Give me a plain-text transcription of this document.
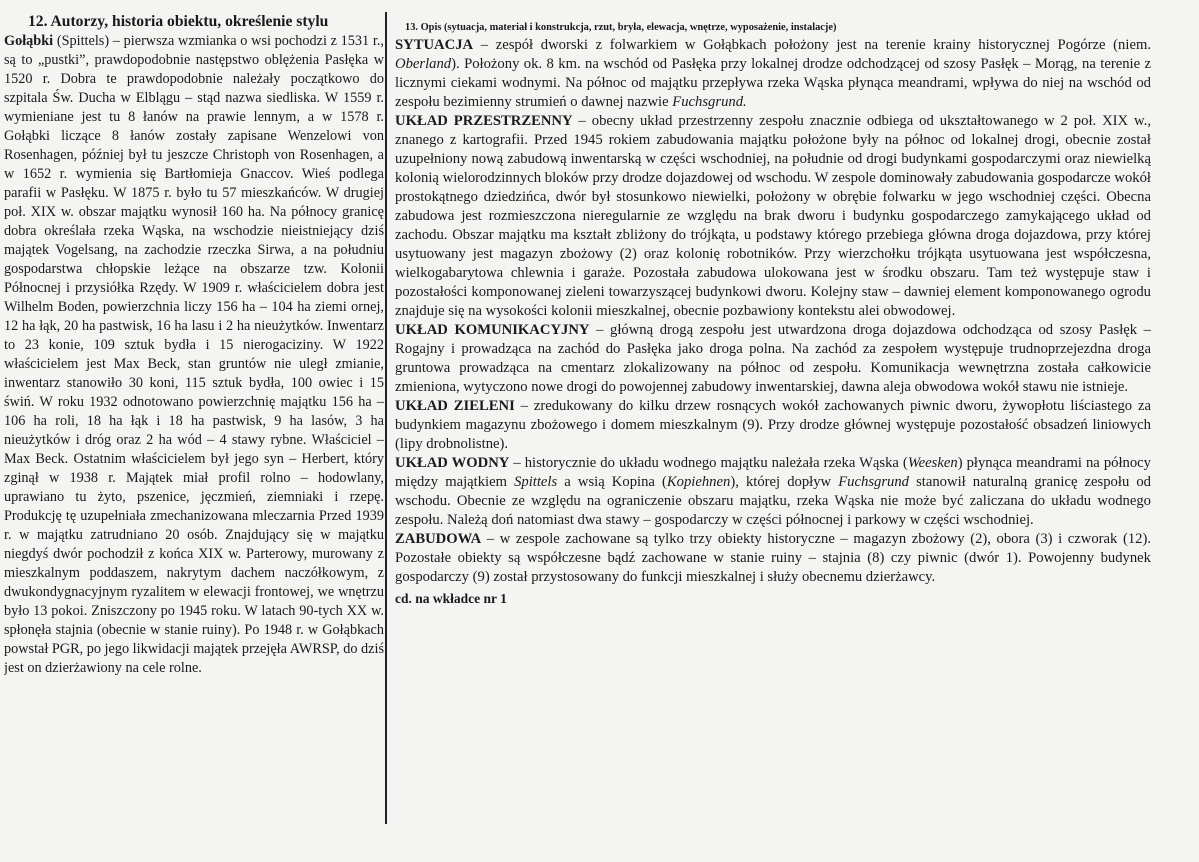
12. Autorzy, historia obiektu, określenie stylu

Gołąbki (Spittels) – pierwsza wzmianka o wsi pochodzi z 1531 r., są to „pustki”, prawdopodobnie następstwo oblężenia Pasłęka w 1520 r. Dobra te prawdopodobnie należały początkowo do szpitala Św. Ducha w Elblągu – stąd nazwa siedliska. W 1559 r. wymieniane jest tu 8 łanów na prawie lennym, a w 1578 r. Gołąbki liczące 8 łanów zostały zapisane Wenzelowi von Rosenhagen, później był tu jeszcze Christoph von Rosenhagen, a w 1652 r. wymienia się Bartłomieja Gnaccov. Wieś podlega parafii w Pasłęku. W 1875 r. było tu 57 mieszkańców. W drugiej poł. XIX w. obszar majątku wynosił 160 ha. Na północy granicę dobra określała rzeka Wąska, na wschodzie nieistniejący dziś majątek Vogelsang, na zachodzie rzeczka Sirwa, a na południu gospodarstwa chłopskie leżące na obszarze tzw. Kolonii Północnej i przysiółka Rzędy. W 1909 r. właścicielem dobra jest Wilhelm Boden, powierzchnia liczy 156 ha – 104 ha ziemi ornej, 12 ha łąk, 20 ha pastwisk, 16 ha lasu i 2 ha nieużytków. Inwentarz to 23 konie, 109 sztuk bydła i 15 nierogaciziny. W 1922 właścicielem jest Max Beck, stan gruntów nie uległ zmianie, inwentarz stanowiło 30 koni, 115 sztuk bydła, 100 owiec i 15 świń. W roku 1932 odnotowano powierzchnię majątku 156 ha – 106 ha roli, 18 ha łąk i 18 ha pastwisk, 9 ha lasów, 3 ha nieużytków i dróg oraz 2 ha wód – 4 stawy rybne. Właściciel – Max Beck. Ostatnim właścicielem był jego syn – Herbert, który zginął w 1938 r. Majątek miał profil rolno – hodowlany, uprawiano tu żyto, pszenice, jęczmień, ziemniaki i rzepę. Produkcję tę uzupełniała zmechanizowana mleczarnia Przed 1939 r. w majątku zatrudniano 20 osób. Znajdujący się w majątku niegdyś dwór pochodził z końca XIX w. Parterowy, murowany z mieszkalnym poddaszem, nakrytym dachem naczółkowym, z dwukondygnacyjnym ryzalitem w elewacji frontowej, we wnętrzu było 13 pokoi. Zniszczony po 1945 roku. W latach 90-tych XX w. spłonęła stajnia (obecnie w stanie ruiny). Po 1948 r. w Gołąbkach powstał PGR, po jego likwidacji majątek przejęła AWRSP, do dziś jest on dzierżawiony na cele rolne.

13. Opis (sytuacja, materiał i konstrukcja, rzut, bryła, elewacja, wnętrze, wyposażenie, instalacje)

SYTUACJA – zespół dworski z folwarkiem w Gołąbkach położony jest na terenie krainy historycznej Pogórze (niem. Oberland). Położony ok. 8 km. na wschód od Pasłęka przy lokalnej drodze odchodzącej od szosy Pasłęk – Morąg, na terenie z licznymi ciekami wodnymi. Na północ od majątku przepływa rzeka Wąska płynąca meandrami, wpływa do niej na wschód od zespołu bezimienny strumień o dawnej nazwie Fuchsgrund.

UKŁAD PRZESTRZENNY – obecny układ przestrzenny zespołu znacznie odbiega od ukształtowanego w 2 poł. XIX w., znanego z kartografii. Przed 1945 rokiem zabudowania majątku położone były na północ od lokalnej drogi, obecnie został uzupełniony nową zabudową inwentarską w części wschodniej, na południe od drogi budynkami gospodarczymi oraz niewielką kolonią wielorodzinnych bloków przy drodze dojazdowej od wschodu. W zespole dominowały zabudowania gospodarcze wokół prostokątnego dziedzińca, dwór był stosunkowo niewielki, położony w obrębie folwarku w jego wschodniej części. Obecna zabudowa jest rozmieszczona nieregularnie ze względu na brak dworu i budynku gospodarczego zamykającego układ od zachodu. Obszar majątku ma kształt zbliżony do trójkąta, u podstawy którego przebiega główna droga dojazdowa, przy której usytuowany jest magazyn zbożowy (2) oraz kolonię robotników. Przy wierzchołku trójkąta usytuowana jest współczesna, wielkogabarytowa chlewnia i garaże. Pozostała zabudowa ulokowana jest w środku obszaru. Tam też występuje staw i pozostałości komponowanej zieleni towarzyszącej budynkowi dworu. Kolejny staw – dawniej element komponowanego ogrodu znajduje się na wysokości kolonii mieszkalnej, obecnie pozbawiony kontekstu alei obwodowej.

UKŁAD KOMUNIKACYJNY – główną drogą zespołu jest utwardzona droga dojazdowa odchodząca od szosy Pasłęk – Rogajny i prowadząca na zachód do Pasłęka jako droga polna. Na zachód za zespołem występuje trudnoprzejezdna droga gruntowa prowadząca na cmentarz zlokalizowany na północ od zespołu. Komunikacja wewnętrzna została całkowicie zmieniona, wytyczono nowe drogi do powojennej zabudowy inwentarskiej, dawna aleja obwodowa wokół stawu nie istnieje.

UKŁAD ZIELENI – zredukowany do kilku drzew rosnących wokół zachowanych piwnic dworu, żywopłotu liściastego za budynkiem magazynu zbożowego i domem mieszkalnym (9). Przy drodze głównej występuje pozostałość obsadzeń liniowych (lipy drobnolistne).

UKŁAD WODNY – historycznie do układu wodnego majątku należała rzeka Wąska (Weesken) płynąca meandrami na północy między majątkiem Spittels a wsią Kopina (Kopiehnen), której dopływ Fuchsgrund stanowił naturalną granicę zespołu od wschodu. Obecnie ze względu na ograniczenie obszaru majątku, rzeka Wąska nie może być zaliczana do układu wodnego zespołu. Należą doń natomiast dwa stawy – gospodarczy w części północnej i parkowy w części wschodniej.

ZABUDOWA – w zespole zachowane są tylko trzy obiekty historyczne – magazyn zbożowy (2), obora (3) i czworak (12). Pozostałe obiekty są współczesne bądź zachowane w stanie ruiny – stajnia (8) czy piwnic (dwór 1). Powojenny budynek gospodarczy (9) został przystosowany do funkcji mieszkalnej i służy obecnemu dzierżawcy.

cd. na wkładce nr 1
